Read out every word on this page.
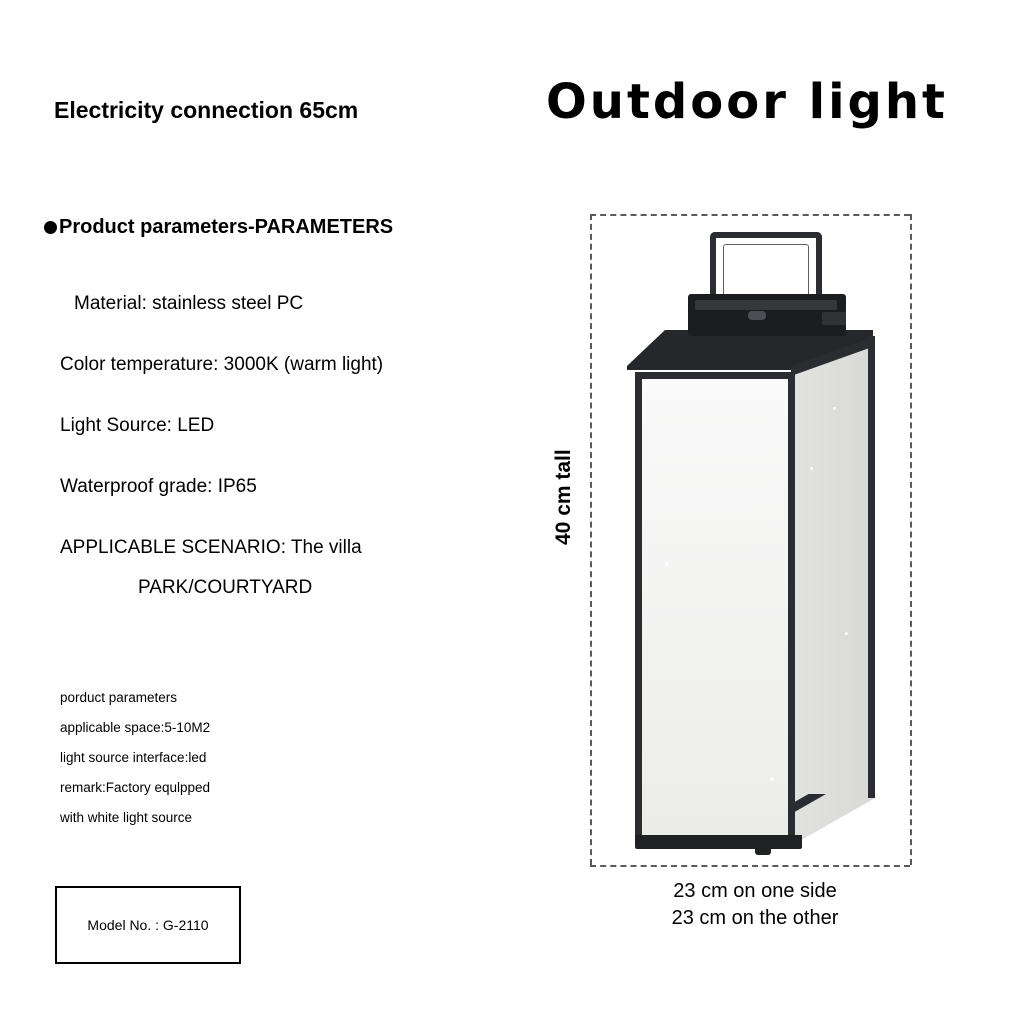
Electricity connection 65cm
Product parameters-PARAMETERS
Material: stainless steel PC
Color temperature: 3000K (warm light)
Light Source: LED
Waterproof grade: IP65
APPLICABLE SCENARIO: The villa
PARK/COURTYARD
porduct parameters
applicable space:5-10M2
light source interface:led
remark:Factory equlpped
with white light source
Model No. : G-2110
Outdoor light
40 cm tall
23 cm on one side
23 cm on the other
